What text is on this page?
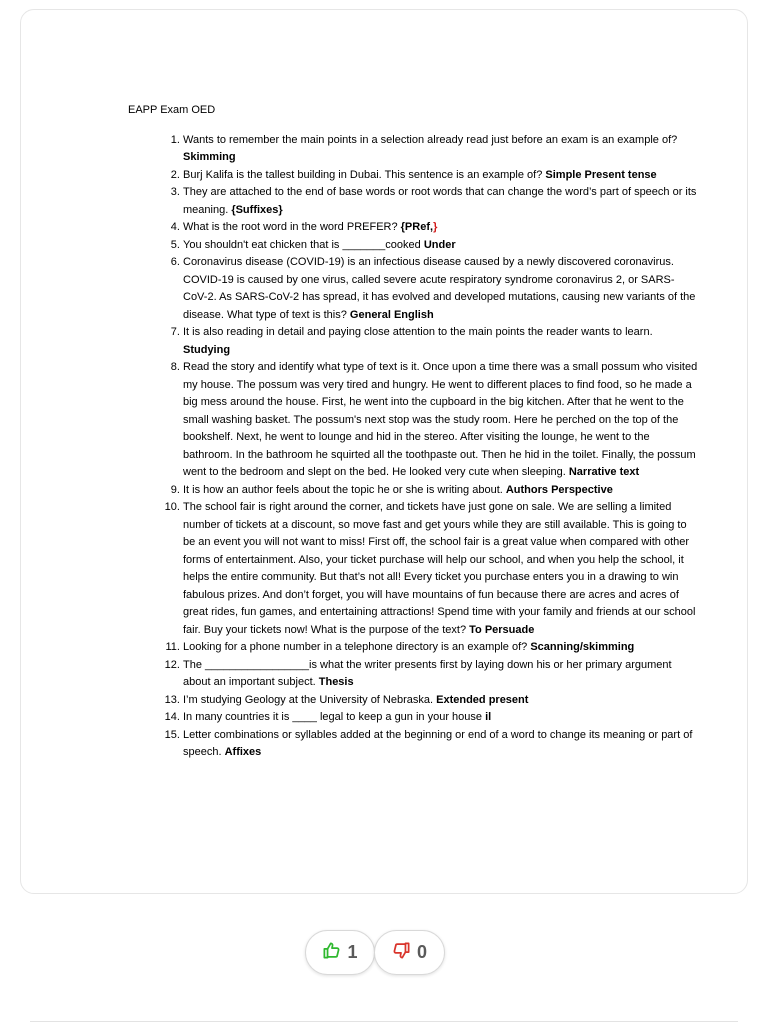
EAPP Exam OED

1. Wants to remember the main points in a selection already read just before an exam is an example of? Skimming
2. Burj Kalifa is the tallest building in Dubai. This sentence is an example of? Simple Present tense
3. They are attached to the end of base words or root words that can change the word’s part of speech or its meaning. {Suffixes}
4. What is the root word in the word PREFER? {PRef,}
5. You shouldn't eat chicken that is _______cooked Under
6. Coronavirus disease (COVID-19) is an infectious disease caused by a newly discovered coronavirus. COVID-19 is caused by one virus, called severe acute respiratory syndrome coronavirus 2, or SARS-CoV-2. As SARS-CoV-2 has spread, it has evolved and developed mutations, causing new variants of the disease. What type of text is this? General English
7. It is also reading in detail and paying close attention to the main points the reader wants to learn. Studying
8. Read the story and identify what type of text is it. Once upon a time there was a small possum who visited my house. The possum was very tired and hungry. He went to different places to find food, so he made a big mess around the house. First, he went into the cupboard in the big kitchen. After that he went to the small washing basket. The possum's next stop was the study room. Here he perched on the top of the bookshelf. Next, he went to lounge and hid in the stereo. After visiting the lounge, he went to the bathroom. In the bathroom he squirted all the toothpaste out. Then he hid in the toilet. Finally, the possum went to the bedroom and slept on the bed. He looked very cute when sleeping. Narrative text
9. It is how an author feels about the topic he or she is writing about. Authors Perspective
10. The school fair is right around the corner, and tickets have just gone on sale. We are selling a limited number of tickets at a discount, so move fast and get yours while they are still available. This is going to be an event you will not want to miss! First off, the school fair is a great value when compared with other forms of entertainment. Also, your ticket purchase will help our school, and when you help the school, it helps the entire community. But that’s not all! Every ticket you purchase enters you in a drawing to win fabulous prizes. And don’t forget, you will have mountains of fun because there are acres and acres of great rides, fun games, and entertaining attractions! Spend time with your family and friends at our school fair. Buy your tickets now! What is the purpose of the text? To Persuade
11. Looking for a phone number in a telephone directory is an example of? Scanning/skimming
12. The _________________is what the writer presents first by laying down his or her primary argument about an important subject. Thesis
13. I’m studying Geology at the University of Nebraska. Extended present
14. In many countries it is ____ legal to keep a gun in your house il
15. Letter combinations or syllables added at the beginning or end of a word to change its meaning or part of speech. Affixes
1	0
